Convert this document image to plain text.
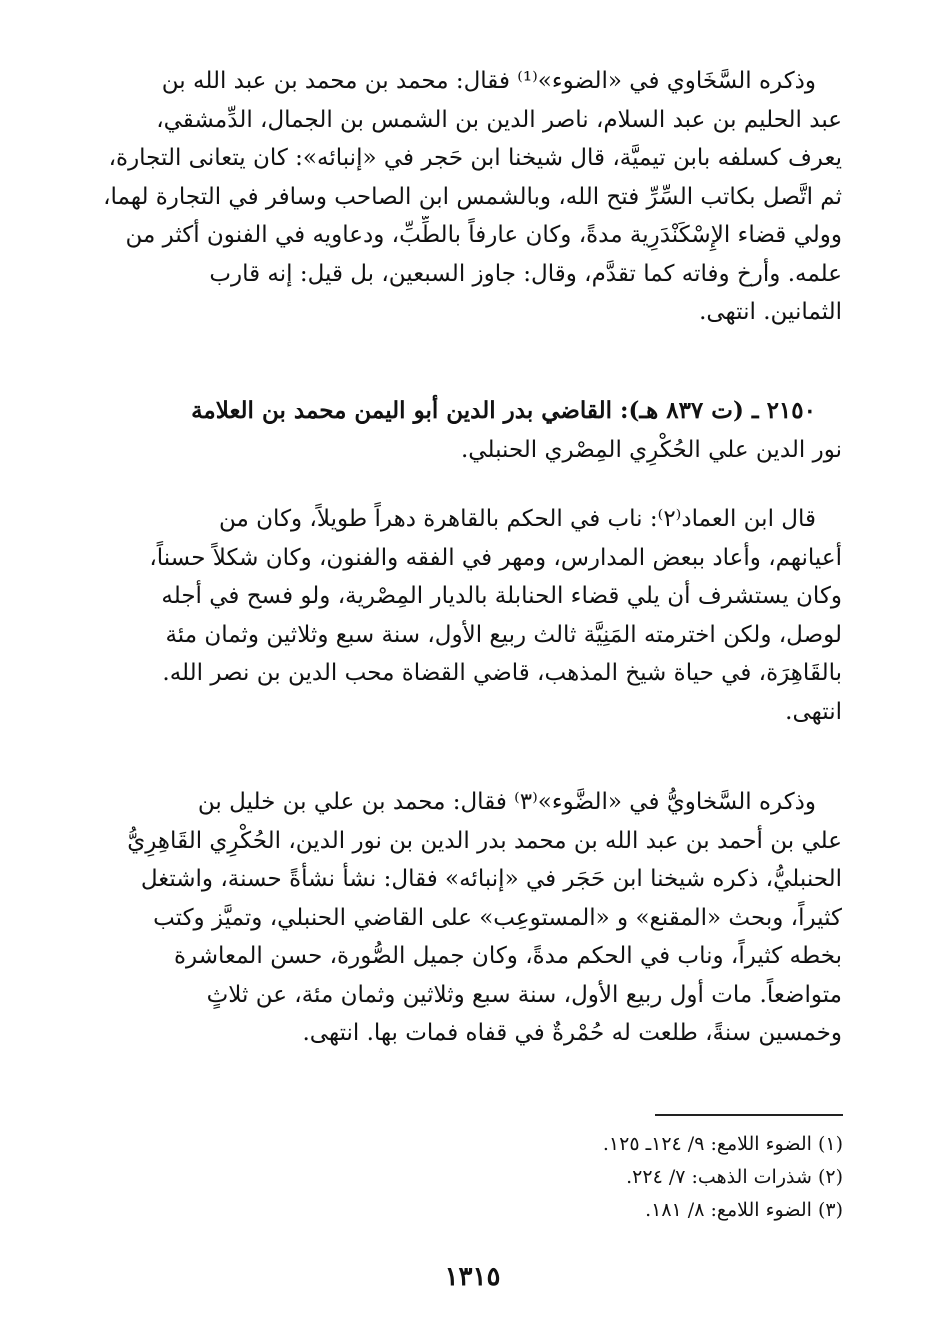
وذكره السَّخَاوي في «الضوء»⁽¹⁾ فقال: محمد بن محمد بن عبد الله بن
عبد الحليم بن عبد السلام، ناصر الدين بن الشمس بن الجمال، الدِّمشقي،
يعرف كسلفه بابن تيميَّة، قال شيخنا ابن حَجر في «إنبائه»: كان يتعانى التجارة،
ثم اتَّصل بكاتب السِّرِّ فتح الله، وبالشمس ابن الصاحب وسافر في التجارة لهما،
وولي قضاء الإِسْكَنْدَرِية مدةً، وكان عارفاً بالطِّبِّ، ودعاويه في الفنون أكثر من
علمه. وأرخ وفاته كما تقدَّم، وقال: جاوز السبعين، بل قيل: إنه قارب
الثمانين. انتهى.
٢١٥٠ ـ (ت ٨٣٧ هـ): القاضي بدر الدين أبو اليمن محمد بن العلامة
نور الدين علي الحُكْرِي المِصْري الحنبلي.
قال ابن العماد⁽٢⁾: ناب في الحكم بالقاهرة دهراً طويلاً، وكان من
أعيانهم، وأعاد ببعض المدارس، ومهر في الفقه والفنون، وكان شكلاً حسناً،
وكان يستشرف أن يلي قضاء الحنابلة بالديار المِصْرية، ولو فسح في أجله
لوصل، ولكن اخترمته المَنِيَّة ثالث ربيع الأول، سنة سبع وثلاثين وثمان مئة
بالقَاهِرَة، في حياة شيخ المذهب، قاضي القضاة محب الدين بن نصر الله.
انتهى.
وذكره السَّخاويُّ في «الضَّوء»⁽٣⁾ فقال: محمد بن علي بن خليل بن
علي بن أحمد بن عبد الله بن محمد بدر الدين بن نور الدين، الحُكْرِي القَاهِرِيُّ
الحنبليُّ، ذكره شيخنا ابن حَجَر في «إنبائه» فقال: نشأ نشأةً حسنة، واشتغل
كثيراً، وبحث «المقنع» و «المستوعِب» على القاضي الحنبلي، وتميَّز وكتب
بخطه كثيراً، وناب في الحكم مدةً، وكان جميل الصُّورة، حسن المعاشرة
متواضعاً. مات أول ربيع الأول، سنة سبع وثلاثين وثمان مئة، عن ثلاثٍ
وخمسين سنةً، طلعت له حُمْرةٌ في قفاه فمات بها. انتهى.
(١) الضوء اللامع: ٩/ ١٢٤ـ ١٢٥.
(٢) شذرات الذهب: ٧/ ٢٢٤.
(٣) الضوء اللامع: ٨/ ١٨١.
١٣١٥
